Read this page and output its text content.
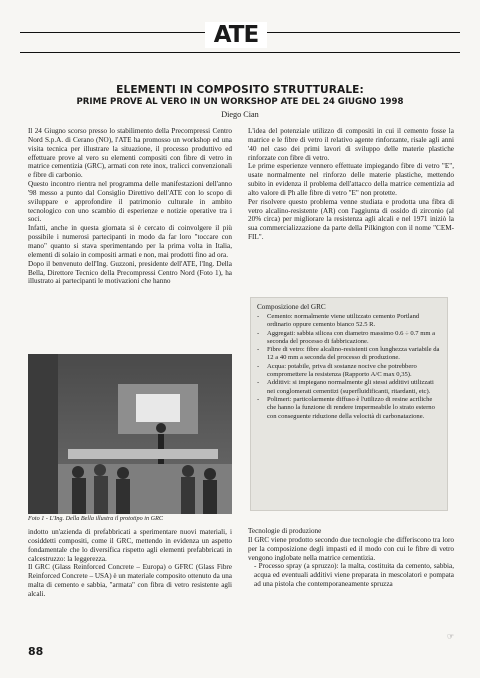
ATE
ELEMENTI IN COMPOSITO STRUTTURALE:
PRIME PROVE AL VERO IN UN WORKSHOP ATE DEL 24 GIUGNO 1998
Diego Cian

Il 24 Giugno scorso presso lo stabilimento della Precompressi Centro Nord S.p.A. di Cerano (NO), l'ATE ha promosso un workshop ed una visita tecnica per illustrare la situazione, il processo produttivo ed effettuare prove al vero su elementi compositi con fibre di vetro in matrice cementizia (GRC), armati con rete inox, tralicci convenzionali e fibre di carbonio.

Questo incontro rientra nel programma delle manifestazioni dell'anno '98 messo a punto dal Consiglio Direttivo dell'ATE con lo scopo di sviluppare e approfondire il patrimonio culturale in ambito tecnologico con uno scambio di esperienze e notizie operative tra i soci.

Infatti, anche in questa giornata si è cercato di coinvolgere il più possibile i numerosi partecipanti in modo da far loro "toccare con mano" quanto si stava sperimentando per la prima volta in Italia, elementi di solaio in compositi armati e non, mai prodotti fino ad ora.

Dopo il benvenuto dell'Ing. Guzzoni, presidente dell'ATE, l'Ing. Della Bella, Direttore Tecnico della Precompressi Centro Nord (Foto 1), ha illustrato ai partecipanti le motivazioni che hanno

Foto 1 - L'Ing. Della Bella illustra il prototipo in GRC

indotto un'azienda di prefabbricati a sperimentare nuovi materiali, i cosiddetti compositi, come il GRC, mettendo in evidenza un aspetto fondamentale che lo diversifica rispetto agli elementi prefabbricati in calcestruzzo: la leggerezza.

Il GRC (Glass Reinforced Concrete – Europa) o GFRC (Glass Fibre Reinforced Concrete – USA) è un materiale composito ottenuto da una malta di cemento e sabbia, "armata" con fibra di vetro resistente agli alcali.

L'idea del potenziale utilizzo di compositi in cui il cemento fosse la matrice e le fibre di vetro il relativo agente rinforzante, risale agli anni '40 nel caso dei primi lavori di sviluppo delle materie plastiche rinforzate con fibre di vetro.

Le prime esperienze vennero effettuate impiegando fibre di vetro "E", usate normalmente nel rinforzo delle materie plastiche, mettendo subito in evidenza il problema dell'attacco della matrice cementizia ad alto valore di Ph alle fibre di vetro "E" non protette.

Per risolvere questo problema venne studiata e prodotta una fibra di vetro alcalino-resistente (AR) con l'aggiunta di ossido di zirconio (al 20% circa) per migliorare la resistenza agli alcali e nel 1971 iniziò la sua commercializzazione da parte della Pilkington con il nome "CEM-FIL".

Composizione del GRC
- Cemento: normalmente viene utilizzato cemento Portland ordinario oppure cemento bianco 52.5 R.
- Aggregati: sabbia silicea con diametro massimo 0.6 ÷ 0.7 mm a seconda del processo di fabbricazione.
- Fibre di vetro: fibre alcalino-resistenti con lunghezza variabile da 12 a 40 mm a seconda del processo di produzione.
- Acqua: potabile, priva di sostanze nocive che potrebbero compromettere la resistenza (Rapporto A/C max 0,35).
- Additivi: si impiegano normalmente gli stessi additivi utilizzati nei conglomerati cementizi (superfluidificanti, ritardanti, etc).
- Polimeri: particolarmente diffuso è l'utilizzo di resine acriliche che hanno la funzione di rendere impermeabile lo strato esterno con conseguente riduzione della velocità di carbonatazione.

Tecnologie di produzione

Il GRC viene prodotto secondo due tecnologie che differiscono tra loro per la composizione degli impasti ed il modo con cui le fibre di vetro vengono inglobate nella matrice cementizia.

- Processo spray (a spruzzo): la malta, costituita da cemento, sabbia, acqua ed eventuali additivi viene preparata in mescolatori e pompata ad una pistola che contemporaneamente spruzza

88
☞
